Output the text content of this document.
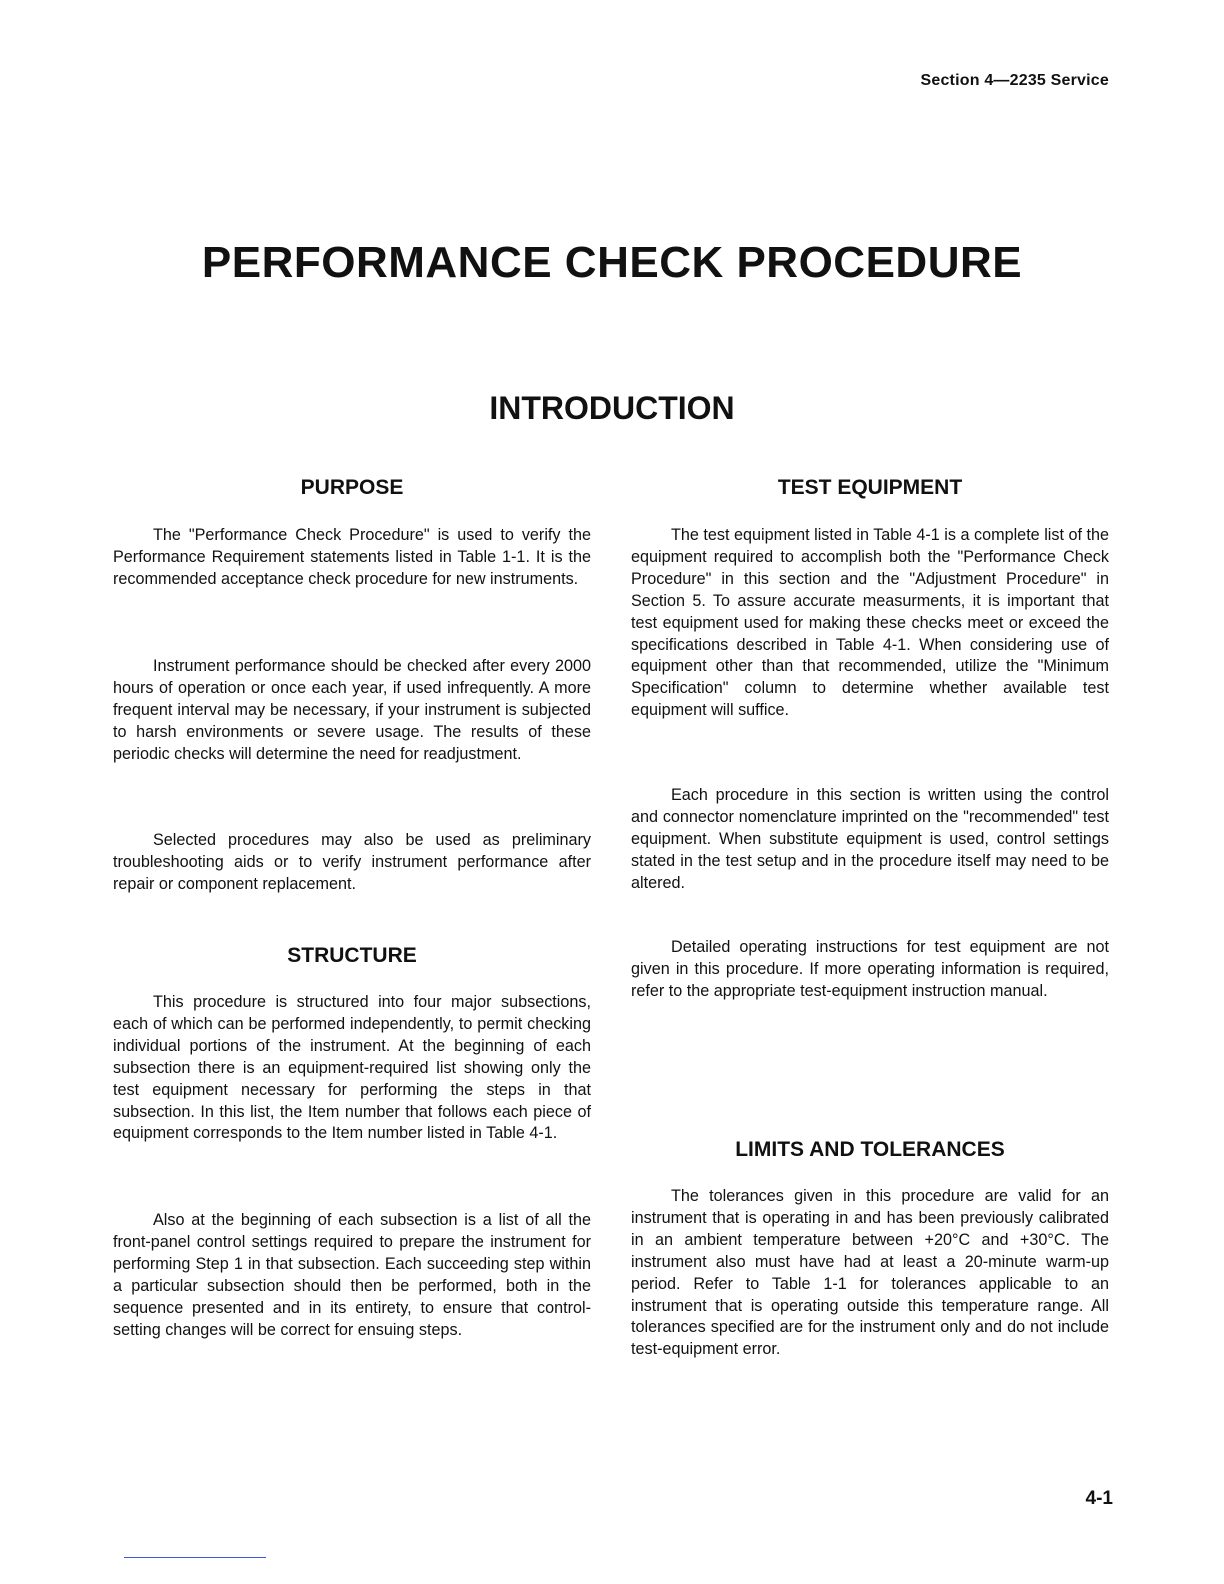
Section 4—2235 Service
PERFORMANCE CHECK PROCEDURE
INTRODUCTION
PURPOSE

The "Performance Check Procedure" is used to verify the Performance Requirement statements listed in Table 1-1. It is the recommended acceptance check procedure for new instruments.

Instrument performance should be checked after every 2000 hours of operation or once each year, if used infrequently. A more frequent interval may be necessary, if your instrument is subjected to harsh environments or severe usage. The results of these periodic checks will determine the need for readjustment.

Selected procedures may also be used as preliminary troubleshooting aids or to verify instrument performance after repair or component replacement.

STRUCTURE

This procedure is structured into four major subsections, each of which can be performed independently, to permit checking individual portions of the instrument. At the beginning of each subsection there is an equipment-required list showing only the test equipment necessary for performing the steps in that subsection. In this list, the Item number that follows each piece of equipment corresponds to the Item number listed in Table 4-1.

Also at the beginning of each subsection is a list of all the front-panel control settings required to prepare the instrument for performing Step 1 in that subsection. Each succeeding step within a particular subsection should then be performed, both in the sequence presented and in its entirety, to ensure that control-setting changes will be correct for ensuing steps.

TEST EQUIPMENT

The test equipment listed in Table 4-1 is a complete list of the equipment required to accomplish both the "Performance Check Procedure" in this section and the "Adjustment Procedure" in Section 5. To assure accurate measurments, it is important that test equipment used for making these checks meet or exceed the specifications described in Table 4-1. When considering use of equipment other than that recommended, utilize the "Minimum Specification" column to determine whether available test equipment will suffice.

Each procedure in this section is written using the control and connector nomenclature imprinted on the "recommended" test equipment. When substitute equipment is used, control settings stated in the test setup and in the procedure itself may need to be altered.

Detailed operating instructions for test equipment are not given in this procedure. If more operating information is required, refer to the appropriate test-equipment instruction manual.

LIMITS AND TOLERANCES

The tolerances given in this procedure are valid for an instrument that is operating in and has been previously calibrated in an ambient temperature between +20°C and +30°C. The instrument also must have had at least a 20-minute warm-up period. Refer to Table 1-1 for tolerances applicable to an instrument that is operating outside this temperature range. All tolerances specified are for the instrument only and do not include test-equipment error.

4-1
